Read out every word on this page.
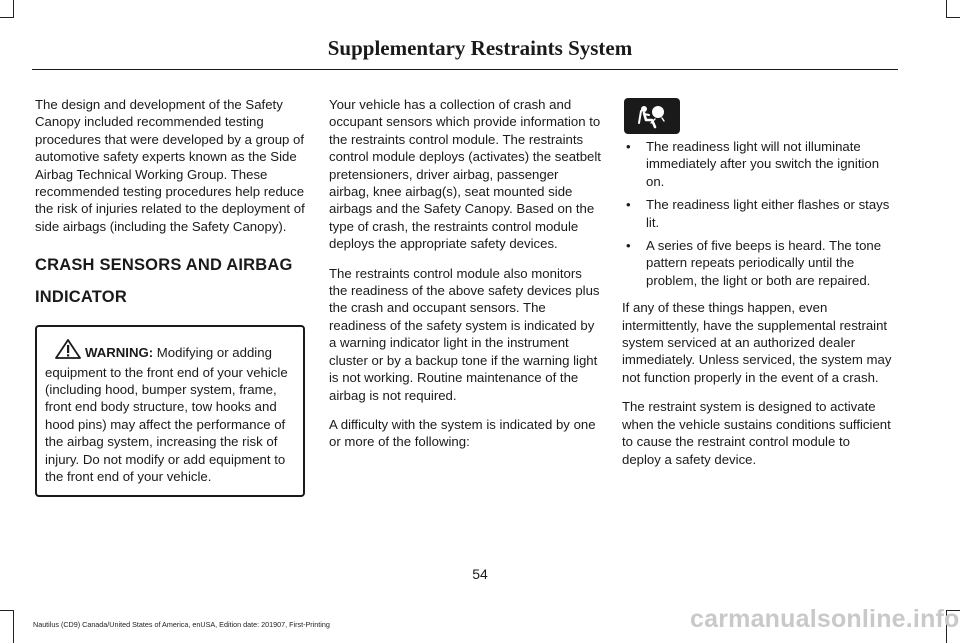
Supplementary Restraints System

The design and development of the Safety Canopy included recommended testing procedures that were developed by a group of automotive safety experts known as the Side Airbag Technical Working Group. These recommended testing procedures help reduce the risk of injuries related to the deployment of side airbags (including the Safety Canopy).

CRASH SENSORS AND AIRBAG
INDICATOR
WARNING: Modifying or adding equipment to the front end of your vehicle (including hood, bumper system, frame, front end body structure, tow hooks and hood pins) may affect the performance of the airbag system, increasing the risk of injury. Do not modify or add equipment to the front end of your vehicle.

Your vehicle has a collection of crash and occupant sensors which provide information to the restraints control module. The restraints control module deploys (activates) the seatbelt pretensioners, driver airbag, passenger airbag, knee airbag(s), seat mounted side airbags and the Safety Canopy. Based on the type of crash, the restraints control module deploys the appropriate safety devices.

The restraints control module also monitors the readiness of the above safety devices plus the crash and occupant sensors. The readiness of the safety system is indicated by a warning indicator light in the instrument cluster or by a backup tone if the warning light is not working. Routine maintenance of the airbag is not required.

A difficulty with the system is indicated by one or more of the following:

• The readiness light will not illuminate immediately after you switch the ignition on.
• The readiness light either flashes or stays lit.
• A series of five beeps is heard. The tone pattern repeats periodically until the problem, the light or both are repaired.

If any of these things happen, even intermittently, have the supplemental restraint system serviced at an authorized dealer immediately. Unless serviced, the system may not function properly in the event of a crash.

The restraint system is designed to activate when the vehicle sustains conditions sufficient to cause the restraint control module to deploy a safety device.

54
Nautilus (CD9) Canada/United States of America, enUSA, Edition date: 201907, First-Printing	carmanualsonline.info
